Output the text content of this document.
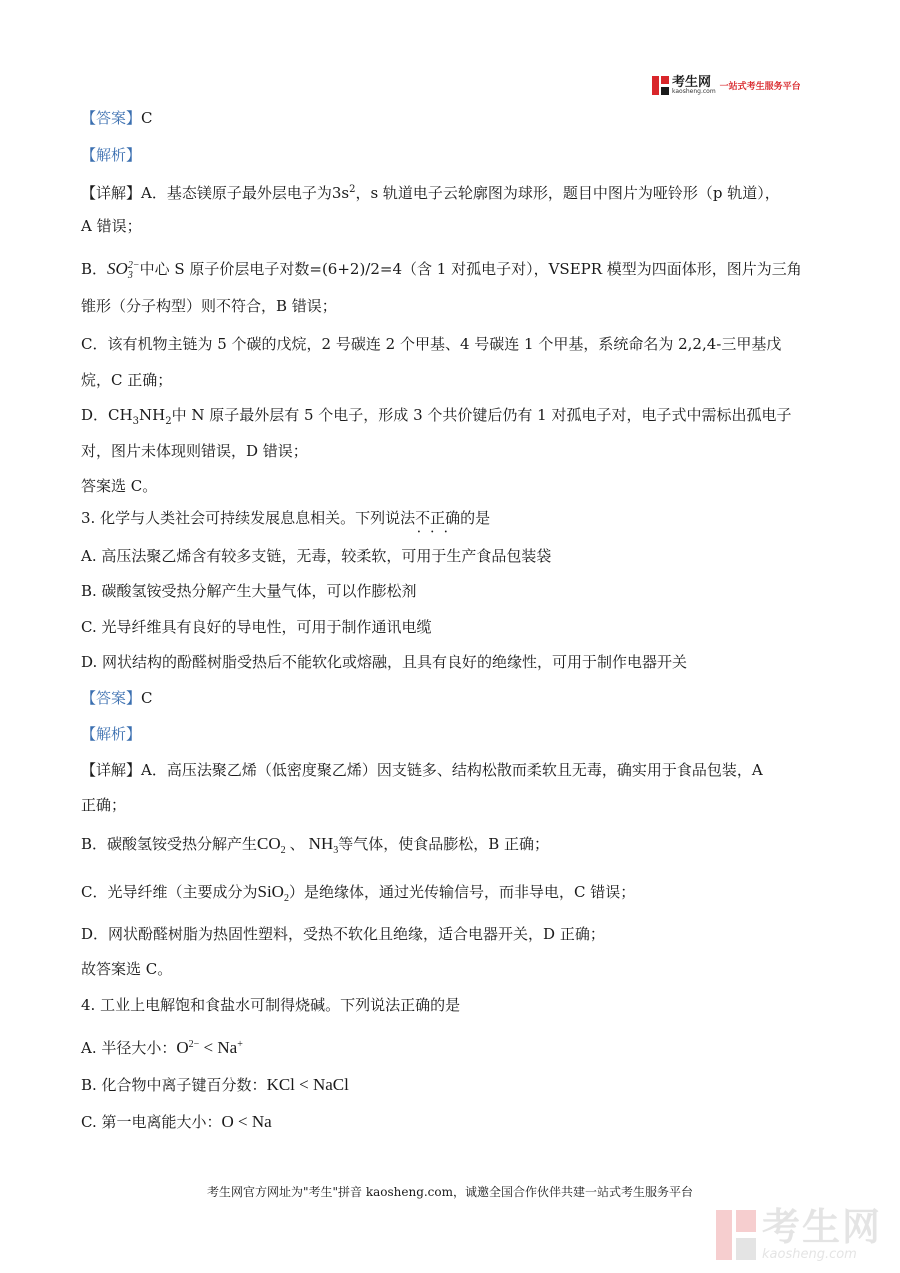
考生网
kaosheng.com 一站式考生服务平台
【答案】C
【解析】
【详解】A．基态镁原子最外层电子为$3s^2$，s 轨道电子云轮廓图为球形，题目中图片为哑铃形（p 轨道），
A 错误；
B．$SO_3^{2-}$中心 S 原子价层电子对数=(6+2)/2=4（含 1 对孤电子对），VSEPR 模型为四面体形，图片为三角
锥形（分子构型）则不符合，B 错误；
C．该有机物主链为 5 个碳的戊烷，2 号碳连 2 个甲基、4 号碳连 1 个甲基，系统命名为 2,2,4-三甲基戊
烷，C 正确；
D．$CH_3NH_2$中 N 原子最外层有 5 个电子，形成 3 个共价键后仍有 1 对孤电子对，电子式中需标出孤电子
对，图片未体现则错误，D 错误；
答案选 C。
3. 化学与人类社会可持续发展息息相关。下列说法不正确 • • •的是
A. 高压法聚乙烯含有较多支链，无毒，较柔软，可用于生产食品包装袋
B. 碳酸氢铵受热分解产生大量气体，可以作膨松剂
C. 光导纤维具有良好的导电性，可用于制作通讯电缆
D. 网状结构的酚醛树脂受热后不能软化或熔融，且具有良好的绝缘性，可用于制作电器开关
【答案】C
【解析】
【详解】A．高压法聚乙烯（低密度聚乙烯）因支链多、结构松散而柔软且无毒，确实用于食品包装，A
正确；
B．碳酸氢铵受热分解产生$CO_2$ 、 $NH_3$等气体，使食品膨松，B 正确；
C．光导纤维（主要成分为SiO$_2$）是绝缘体，通过光传输信号，而非导电，C 错误；
D．网状酚醛树脂为热固性塑料，受热不软化且绝缘，适合电器开关，D 正确；
故答案选 C。
4. 工业上电解饱和食盐水可制得烧碱。下列说法正确的是
A. 半径大小：$O^{2-} < Na^+$
B. 化合物中离子键百分数：KCl < NaCl
C. 第一电离能大小：O < Na
考生网官方网址为"考生"拼音 kaosheng.com，诚邀全国合作伙伴共建一站式考生服务平台
考生网
kaosheng.com
